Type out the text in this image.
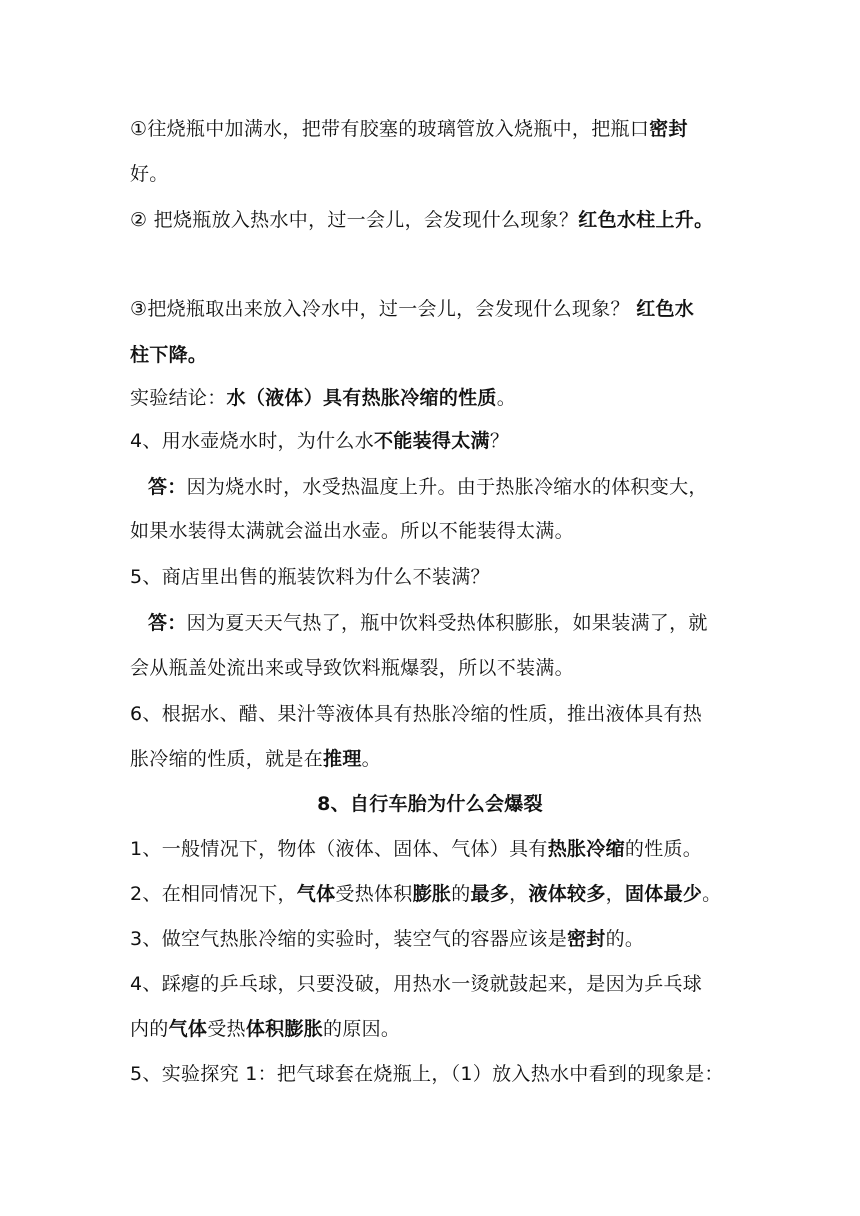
①往烧瓶中加满水，把带有胶塞的玻璃管放入烧瓶中，把瓶口密封
好。
② 把烧瓶放入热水中，过一会儿，会发现什么现象？红色水柱上升。
③把烧瓶取出来放入冷水中，过一会儿，会发现什么现象？ 红色水
柱下降。
实验结论：水（液体）具有热胀冷缩的性质。
4、用水壶烧水时，为什么水不能装得太满？
答：因为烧水时，水受热温度上升。由于热胀冷缩水的体积变大，
如果水装得太满就会溢出水壶。所以不能装得太满。
5、商店里出售的瓶装饮料为什么不装满？
答：因为夏天天气热了，瓶中饮料受热体积膨胀，如果装满了，就
会从瓶盖处流出来或导致饮料瓶爆裂，所以不装满。
6、根据水、醋、果汁等液体具有热胀冷缩的性质，推出液体具有热
胀冷缩的性质，就是在推理。
8、自行车胎为什么会爆裂
1、一般情况下，物体（液体、固体、气体）具有热胀冷缩的性质。
2、在相同情况下，气体受热体积膨胀的最多，液体较多，固体最少。
3、做空气热胀冷缩的实验时，装空气的容器应该是密封的。
4、踩瘪的乒乓球，只要没破，用热水一烫就鼓起来，是因为乒乓球
内的气体受热体积膨胀的原因。
5、实验探究 1：把气球套在烧瓶上，（1）放入热水中看到的现象是：
